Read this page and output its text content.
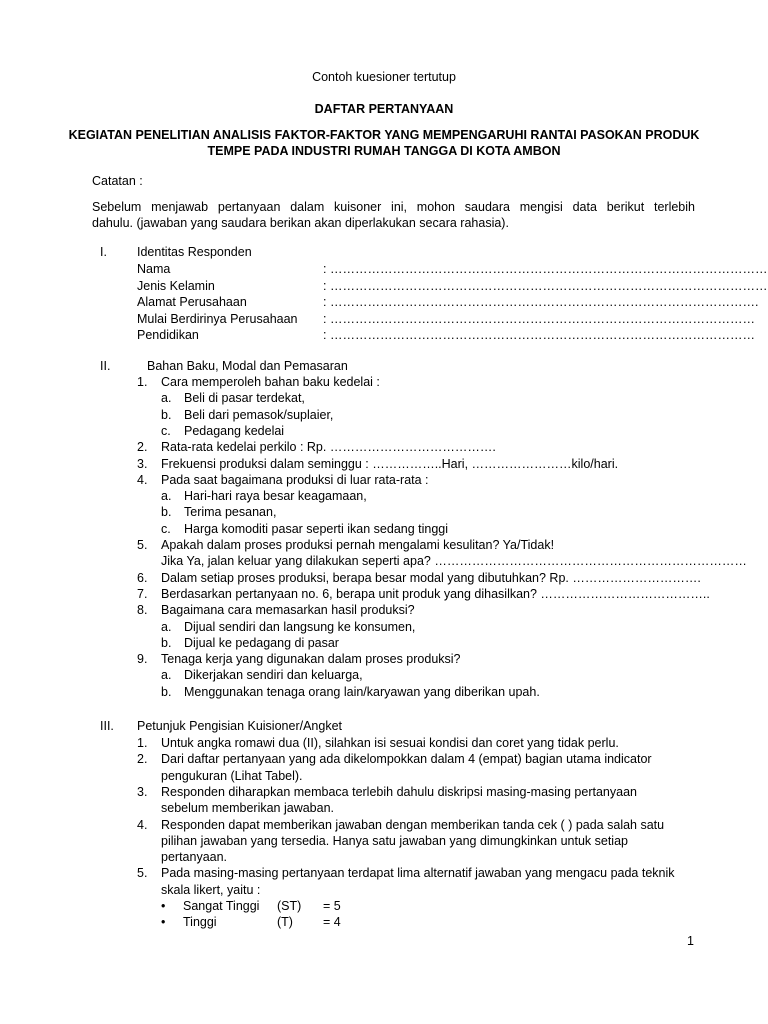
Contoh kuesioner tertutup
DAFTAR PERTANYAAN
KEGIATAN PENELITIAN ANALISIS FAKTOR-FAKTOR YANG MEMPENGARUHI RANTAI PASOKAN PRODUK
TEMPE PADA INDUSTRI RUMAH TANGGA DI KOTA AMBON
Catatan :
Sebelum menjawab pertanyaan dalam kuisoner ini, mohon saudara mengisi data berikut terlebih
dahulu. (jawaban yang saudara berikan akan diperlakukan secara rahasia).
I. Identitas Responden
Nama	: ……………………………………………………………………………………………
Jenis Kelamin	: ……………………………………………………………………………………………
Alamat Perusahaan	: ………………………………………………………………………………………….
Mulai Berdirinya Perusahaan : …………………………………………………………………………………………
Pendidikan	: …………………………………………………………………………………………
II.	Bahan Baku, Modal dan Pemasaran
1. Cara memperoleh bahan baku kedelai :
a. Beli di pasar terdekat,
b. Beli dari pemasok/suplaier,
c. Pedagang kedelai
2. Rata-rata kedelai perkilo : Rp. ………………………………….
3. Frekuensi produksi dalam seminggu : ……………..Hari, ……………………kilo/hari.
4. Pada saat bagaimana produksi di luar rata-rata :
a. Hari-hari raya besar keagamaan,
b. Terima pesanan,
c. Harga komoditi pasar seperti ikan sedang tinggi
5. Apakah dalam proses produksi pernah mengalami kesulitan? Ya/Tidak!
Jika Ya, jalan keluar yang dilakukan seperti apa? …………………………………………………………………
6. Dalam setiap proses produksi, berapa besar modal yang dibutuhkan? Rp. ………………………….
7. Berdasarkan pertanyaan no. 6, berapa unit produk yang dihasilkan? …………………………………..
8. Bagaimana cara memasarkan hasil produksi?
a. Dijual sendiri dan langsung ke konsumen,
b. Dijual ke pedagang di pasar
9. Tenaga kerja yang digunakan dalam proses produksi?
a. Dikerjakan sendiri dan keluarga,
b. Menggunakan tenaga orang lain/karyawan yang diberikan upah.
III. Petunjuk Pengisian Kuisioner/Angket
1. Untuk angka romawi dua (II), silahkan isi sesuai kondisi dan coret yang tidak perlu.
2. Dari daftar pertanyaan yang ada dikelompokkan dalam 4 (empat) bagian utama indicator
pengukuran (Lihat Tabel).
3. Responden diharapkan membaca terlebih dahulu diskripsi masing-masing pertanyaan
sebelum memberikan jawaban.
4. Responden dapat memberikan jawaban dengan memberikan tanda cek ( ) pada salah satu
pilihan jawaban yang tersedia. Hanya satu jawaban yang dimungkinkan untuk setiap
pertanyaan.
5. Pada masing-masing pertanyaan terdapat lima alternatif jawaban yang mengacu pada teknik
skala likert, yaitu :
• Sangat Tinggi (ST) = 5
• Tinggi	(T) = 4
1
